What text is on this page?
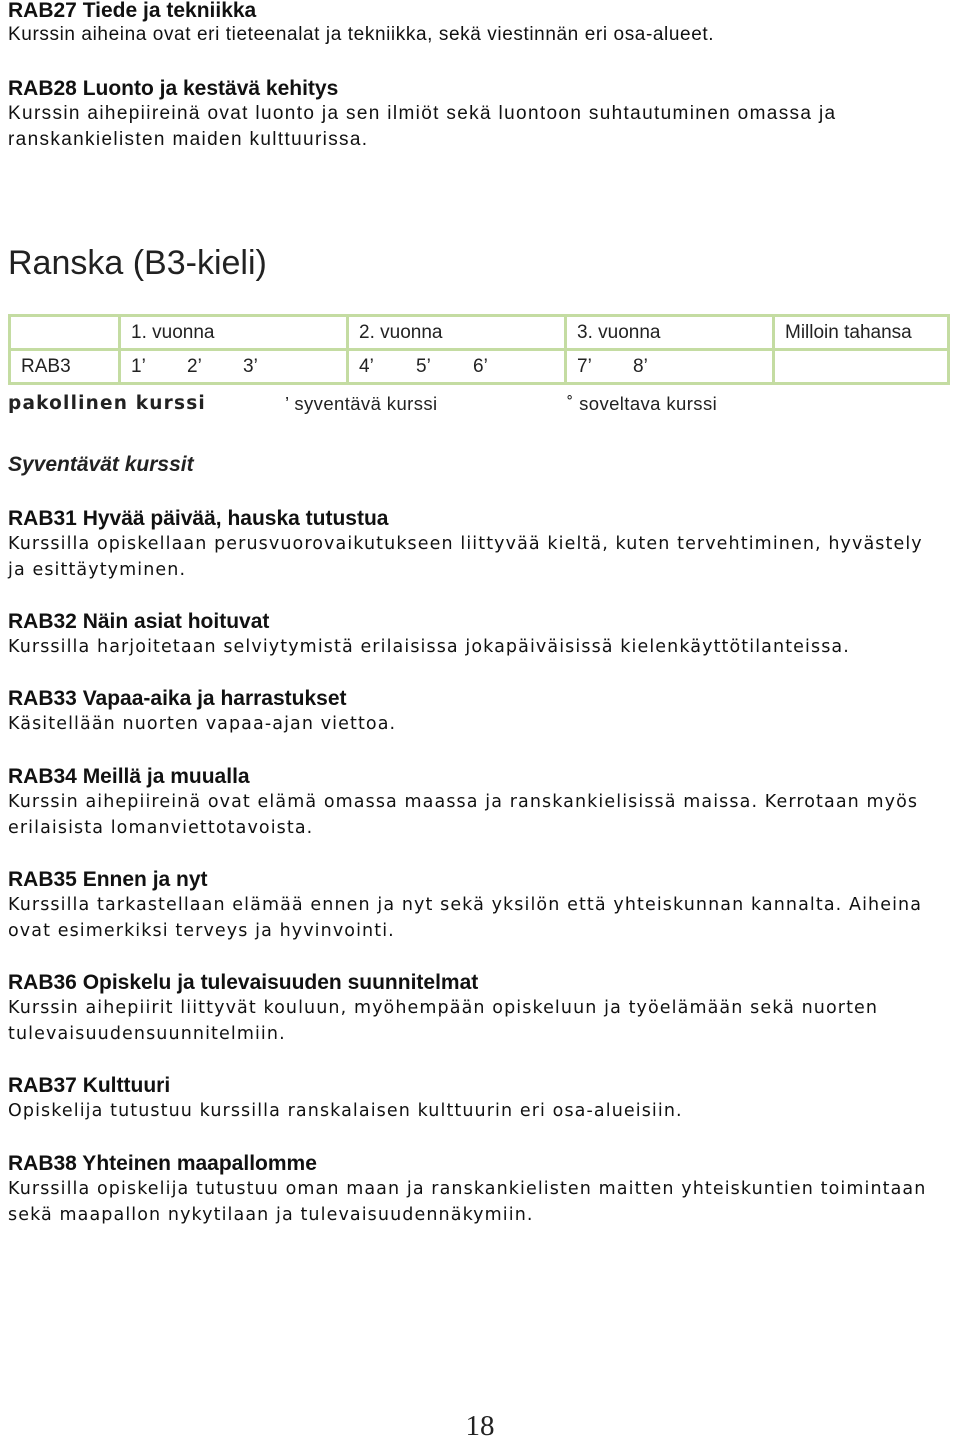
RAB27 Tiede ja tekniikka
Kurssin aiheina ovat eri tieteenalat ja tekniikka, sekä viestinnän eri osa-alueet.
RAB28 Luonto ja kestävä kehitys
Kurssin aihepiireinä ovat luonto ja sen ilmiöt sekä luontoon suhtautuminen omassa ja ranskankielisten maiden kulttuurissa.
Ranska (B3-kieli)
	1. vuonna	2. vuonna	3. vuonna	Milloin tahansa
RAB3	1’ 2’ 3’	4’ 5’ 6’	7’ 8’	
pakollinen kurssi	’ syventävä kurssi	˚ soveltava kurssi
Syventävät kurssit
RAB31 Hyvää päivää, hauska tutustua
Kurssilla opiskellaan perusvuorovaikutukseen liittyvää kieltä, kuten tervehtiminen, hyvästely ja esittäytyminen.
RAB32 Näin asiat hoituvat
Kurssilla harjoitetaan selviytymistä erilaisissa jokapäiväisissä kielenkäyttötilanteissa.
RAB33 Vapaa-aika ja harrastukset
Käsitellään nuorten vapaa-ajan viettoa.
RAB34 Meillä ja muualla
Kurssin aihepiireinä ovat elämä omassa maassa ja ranskankielisissä maissa. Kerrotaan myös erilaisista lomanviettotavoista.
RAB35 Ennen ja nyt
Kurssilla tarkastellaan elämää ennen ja nyt sekä yksilön että yhteiskunnan kannalta. Aiheina ovat esimerkiksi terveys ja hyvinvointi.
RAB36 Opiskelu ja tulevaisuuden suunnitelmat
Kurssin aihepiirit liittyvät kouluun, myöhempään opiskeluun ja työelämään sekä nuorten tulevaisuudensuunnitelmiin.
RAB37 Kulttuuri
Opiskelija tutustuu kurssilla ranskalaisen kulttuurin eri osa-alueisiin.
RAB38 Yhteinen maapallomme
Kurssilla opiskelija tutustuu oman maan ja ranskankielisten maitten yhteiskuntien toimintaan sekä maapallon nykytilaan ja tulevaisuudennäkymiin.
18
